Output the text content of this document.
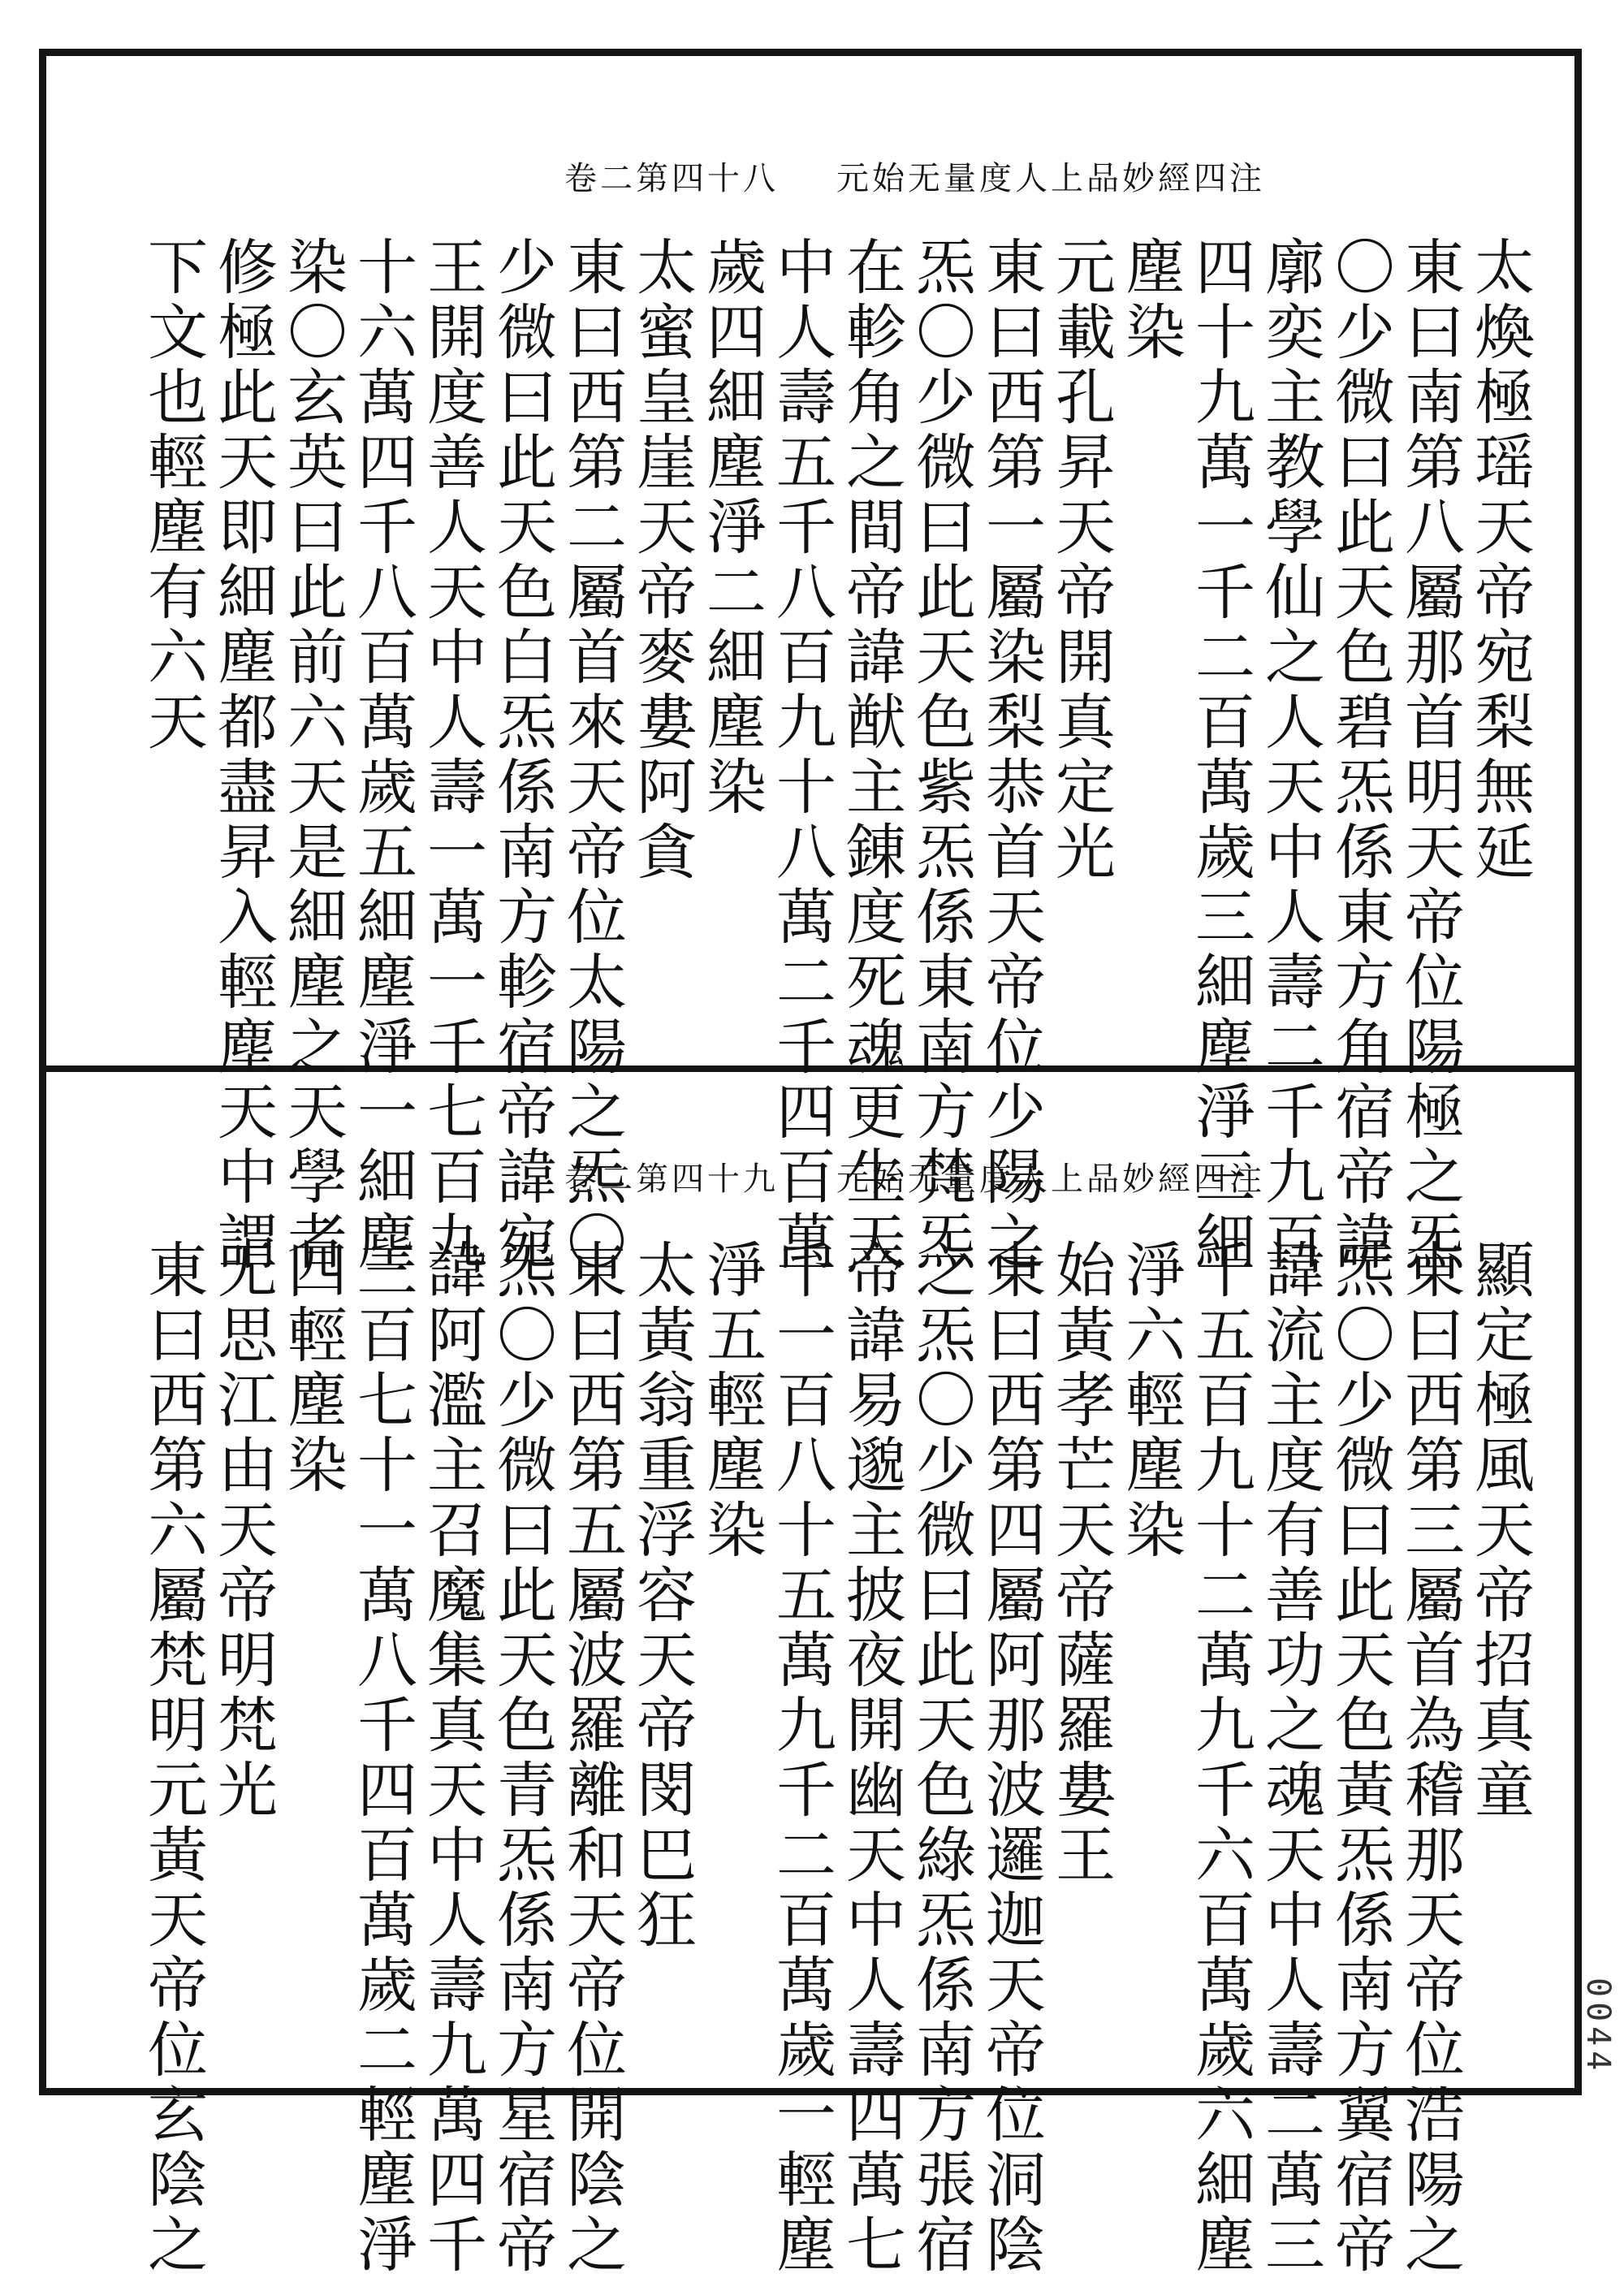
元始无量度人上品妙經四注
卷二第四十八
太煥極瑶天帝宛梨無延
東曰南第八屬那首明天帝位陽極之炁
〇少微曰此天色碧炁係東方角宿帝諱
廓奕主教學仙之人天中人壽二千九百
四十九萬一千二百萬歲三細塵淨三細
塵染
元載孔昇天帝開真定光
東曰西第一屬染梨恭首天帝位少陽之
炁〇少微曰此天色紫炁係東南方梵炁
在軫角之間帝諱猷主錬度死魂更生天
中人壽五千八百九十八萬二千四百萬
歲四細塵淨二細塵染
太蜜皇崖天帝麥婁阿貪
東曰西第二屬首來天帝位太陽之炁〇
少微曰此天色白炁係南方軫宿帝諱宛
王開度善人天中人壽一萬一千七百九
十六萬四千八百萬歲五細塵淨一細塵
染〇玄英曰此前六天是細塵之天學者
修極此天即細塵都盡昇入輕塵天中謂
下文也輕塵有六天
元始无量度人上品妙經四注
卷二第四十九
顯定極風天帝招真童
東曰西第三屬首為稽那天帝位浩陽之
炁〇少微曰此天色黃炁係南方翼宿帝
諱流主度有善功之魂天中人壽二萬三
千五百九十二萬九千六百萬歲六細塵
淨六輕塵染
始黃孝芒天帝薩羅婁王
東曰西第四屬阿那波邏迦天帝位洞陰
之炁〇少微曰此天色綠炁係南方張宿
帝諱易邈主披夜開幽天中人壽四萬七
千一百八十五萬九千二百萬歲一輕塵
淨五輕塵染
太黃翁重浮容天帝閔巴狂
東曰西第五屬波羅離和天帝位開陰之
炁〇少微曰此天色青炁係南方星宿帝
諱阿濫主召魔集真天中人壽九萬四千
三百七十一萬八千四百萬歲二輕塵淨
四輕塵染
无思江由天帝明梵光
東曰西第六屬梵明元黃天帝位玄陰之	0044
